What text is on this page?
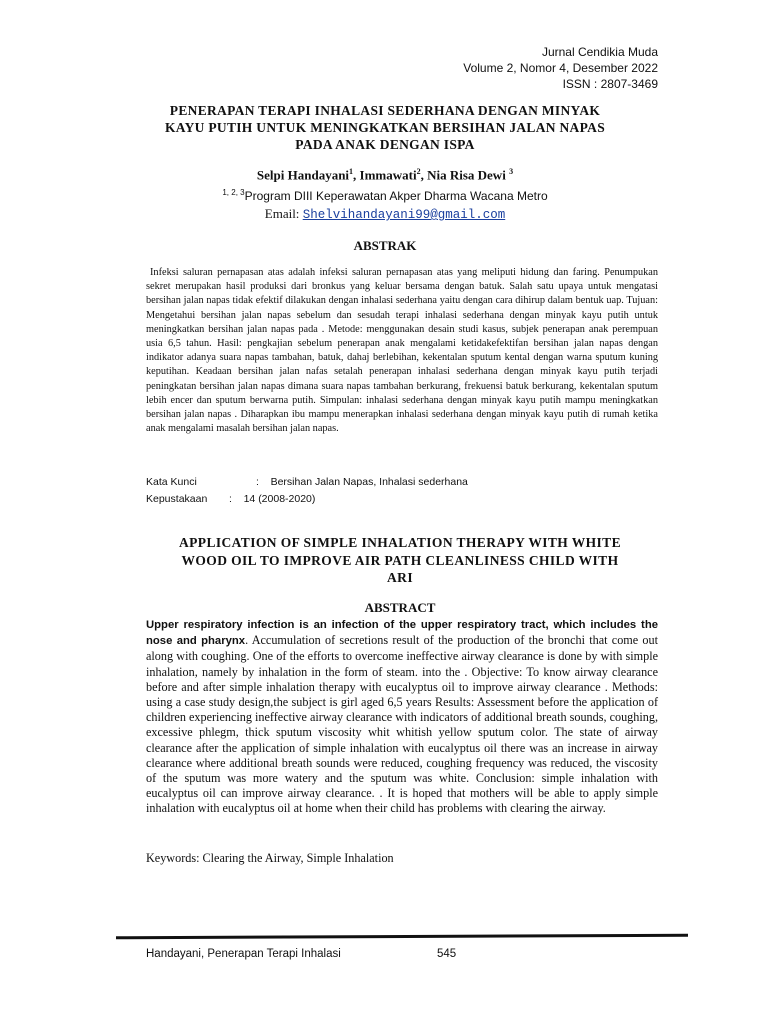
Jurnal Cendikia Muda
Volume 2, Nomor 4, Desember 2022
ISSN : 2807-3469
PENERAPAN TERAPI INHALASI SEDERHANA DENGAN MINYAK
KAYU PUTIH UNTUK MENINGKATKAN BERSIHAN JALAN NAPAS
PADA ANAK DENGAN ISPA
Selpi Handayani$^1$, Immawati$^2$, Nia Risa Dewi $^3$
$^{1, 2, 3}$Program DIII Keperawatan Akper Dharma Wacana Metro
Email: Shelvihandayani99@gmail.com
ABSTRAK
Infeksi saluran pernapasan atas adalah infeksi saluran pernapasan atas yang meliputi hidung dan faring. Penumpukan sekret merupakan hasil produksi dari bronkus yang keluar bersama dengan batuk. Salah satu upaya untuk mengatasi bersihan jalan napas tidak efektif dilakukan dengan inhalasi sederhana yaitu dengan cara dihirup dalam bentuk uap. Tujuan: Mengetahui bersihan jalan napas sebelum dan sesudah terapi inhalasi sederhana dengan minyak kayu putih untuk meningkatkan bersihan jalan napas pada . Metode: menggunakan desain studi kasus, subjek penerapan anak perempuan usia 6,5 tahun. Hasil: pengkajian sebelum penerapan anak mengalami ketidakefektifan bersihan jalan napas dengan indikator adanya suara napas tambahan, batuk, dahaj berlebihan, kekentalan sputum kental dengan warna sputum kuning keputihan. Keadaan bersihan jalan nafas setalah penerapan inhalasi sederhana dengan minyak kayu putih terjadi peningkatan bersihan jalan napas dimana suara napas tambahan berkurang, frekuensi batuk berkurang, kekentalan sputum lebih encer dan sputum berwarna putih. Simpulan: inhalasi sederhana dengan minyak kayu putih mampu meningkatkan bersihan jalan napas . Diharapkan ibu mampu menerapkan inhalasi sederhana dengan minyak kayu putih di rumah ketika anak mengalami masalah bersihan jalan napas.
Kata Kunci	: Bersihan Jalan Napas, Inhalasi sederhana
Kepustakaan : 14 (2008-2020)
APPLICATION OF SIMPLE INHALATION THERAPY WITH WHITE
WOOD OIL TO IMPROVE AIR PATH CLEANLINESS CHILD WITH
ARI
ABSTRACT
Upper respiratory infection is an infection of the upper respiratory tract, which includes the nose and pharynx. Accumulation of secretions result of the production of the bronchi that come out along with coughing. One of the efforts to overcome ineffective airway clearance is done by with simple inhalation, namely by inhalation in the form of steam. into the . Objective: To know airway clearance before and after simple inhalation therapy with eucalyptus oil to improve airway clearance . Methods: using a case study design,the subject is girl aged 6,5 years Results: Assessment before the application of children experiencing ineffective airway clearance with indicators of additional breath sounds, coughing, excessive phlegm, thick sputum viscosity whit whitish yellow sputum color. The state of airway clearance after the application of simple inhalation with eucalyptus oil there was an increase in airway clearance where additional breath sounds were reduced, coughing frequency was reduced, the viscosity of the sputum was more watery and the sputum was white. Conclusion: simple inhalation with eucalyptus oil can improve airway clearance. . It is hoped that mothers will be able to apply simple inhalation with eucalyptus oil at home when their child has problems with clearing the airway.
Keywords: Clearing the Airway, Simple Inhalation
Handayani, Penerapan Terapi Inhalasi	545
